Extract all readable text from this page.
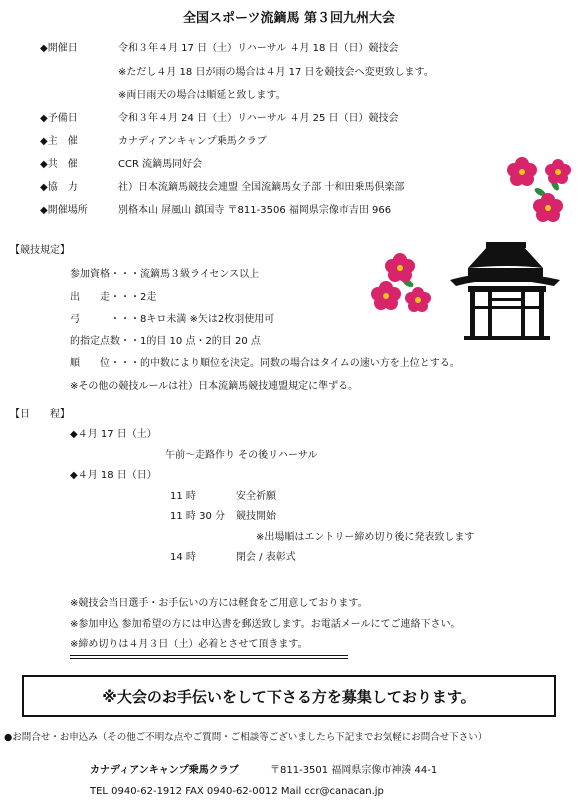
全国スポーツ流鏑馬 第３回九州大会
◆開催日	令和３年４月 17 日（土）リハーサル ４月 18 日（日）競技会
※ただし４月 18 日が雨の場合は４月 17 日を競技会へ変更致します。
※両日雨天の場合は順延と致します。
◆予備日	令和３年４月 24 日（土）リハーサル ４月 25 日（日）競技会
◆主　催	カナディアンキャンプ乗馬クラブ
◆共　催	CCR 流鏑馬同好会
◆協　力	社）日本流鏑馬競技会連盟 全国流鏑馬女子部 十和田乗馬倶楽部
◆開催場所	別格本山 屏風山 鎮国寺 〒811-3506 福岡県宗像市吉田 966
【競技規定】
参加資格・・・流鏑馬３級ライセンス以上
出　　走・・・2走
弓　　　・・・8キロ未満 ※矢は2枚羽使用可
的指定点数・・1的目 10 点・2的目 20 点
順　　位・・・的中数により順位を決定。同数の場合はタイムの速い方を上位とする。
※その他の競技ルールは社）日本流鏑馬競技連盟規定に準ずる。
【日　　程】
◆４月 17 日（土）
午前～走路作り その後リハーサル
◆４月 18 日（日）
11 時	安全祈願
11 時 30 分 競技開始
※出場順はエントリー締め切り後に発表致します
14 時	閉会 / 表彰式
※競技会当日選手・お手伝いの方には軽食をご用意しております。
※参加申込 参加希望の方には申込書を郵送致します。お電話メールにてご連絡下さい。
※締め切りは４月３日（土）必着とさせて頂きます。
※大会のお手伝いをして下さる方を募集しております。
●お問合せ・お申込み（その他ご不明な点やご質問・ご相談等ございましたら下記までお気軽にお問合せ下さい）
カナディアンキャンプ乗馬クラブ	〒811-3501 福岡県宗像市神湊 44-1
TEL 0940-62-1912 FAX 0940-62-0012 Mail ccr@canacan.jp
